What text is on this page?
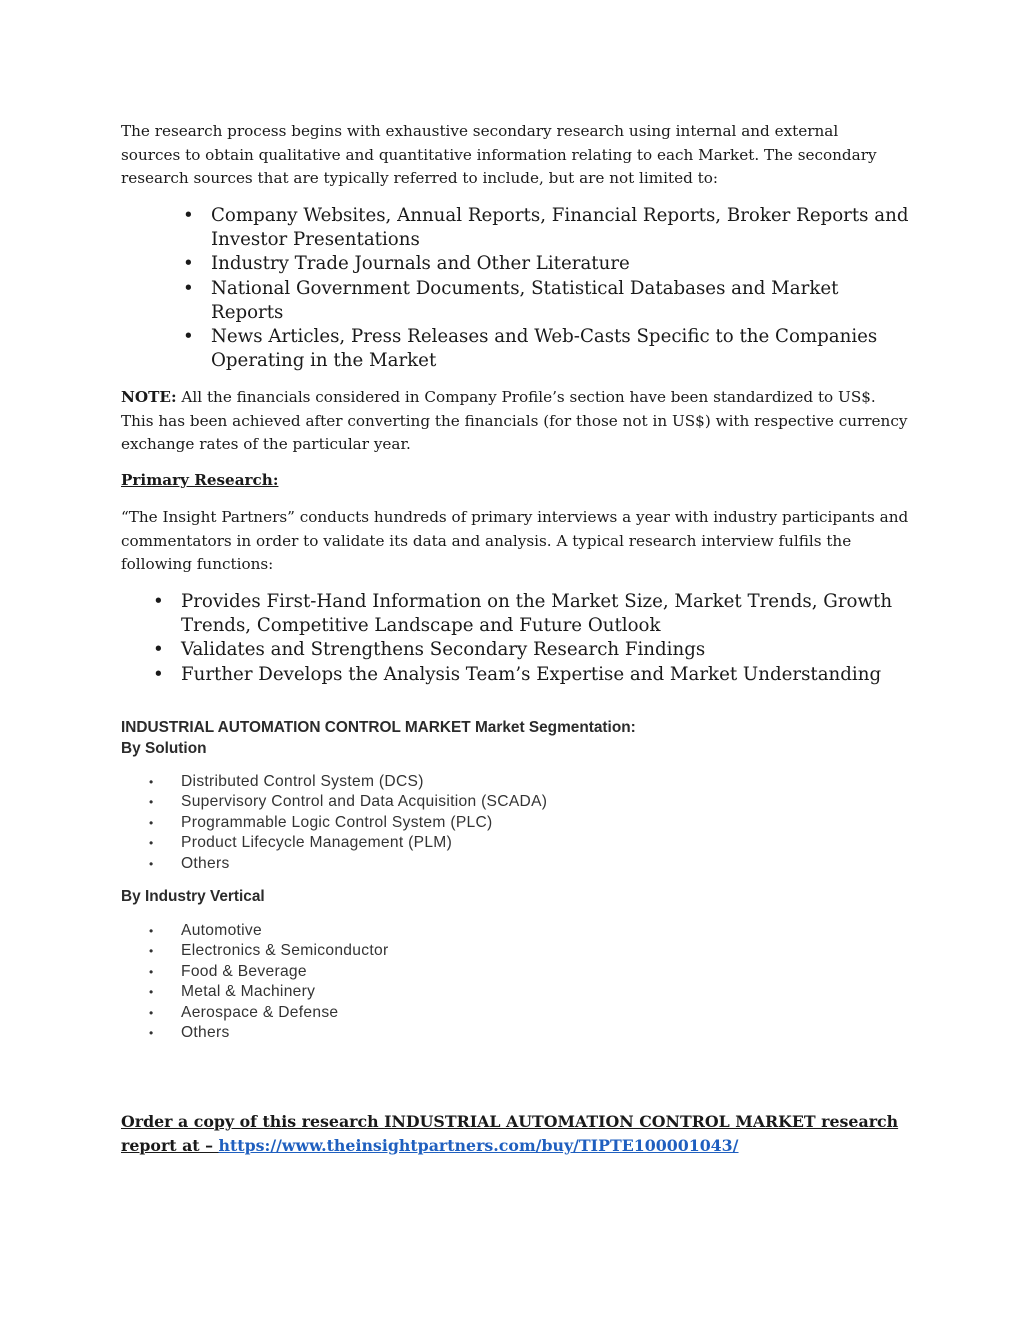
The research process begins with exhaustive secondary research using internal and external sources to obtain qualitative and quantitative information relating to each Market. The secondary research sources that are typically referred to include, but are not limited to:

• Company Websites, Annual Reports, Financial Reports, Broker Reports and Investor Presentations
• Industry Trade Journals and Other Literature
• National Government Documents, Statistical Databases and Market Reports
• News Articles, Press Releases and Web-Casts Specific to the Companies Operating in the Market

NOTE: All the financials considered in Company Profile’s section have been standardized to US$. This has been achieved after converting the financials (for those not in US$) with respective currency exchange rates of the particular year.

Primary Research:

“The Insight Partners” conducts hundreds of primary interviews a year with industry participants and commentators in order to validate its data and analysis. A typical research interview fulfils the following functions:

• Provides First-Hand Information on the Market Size, Market Trends, Growth Trends, Competitive Landscape and Future Outlook
• Validates and Strengthens Secondary Research Findings
• Further Develops the Analysis Team’s Expertise and Market Understanding
INDUSTRIAL AUTOMATION CONTROL MARKET Market Segmentation:
By Solution
• Distributed Control System (DCS)
• Supervisory Control and Data Acquisition (SCADA)
• Programmable Logic Control System (PLC)
• Product Lifecycle Management (PLM)
• Others
By Industry Vertical
• Automotive
• Electronics & Semiconductor
• Food & Beverage
• Metal & Machinery
• Aerospace & Defense
• Others

Order a copy of this research INDUSTRIAL AUTOMATION CONTROL MARKET research report at – https://www.theinsightpartners.com/buy/TIPTE100001043/
